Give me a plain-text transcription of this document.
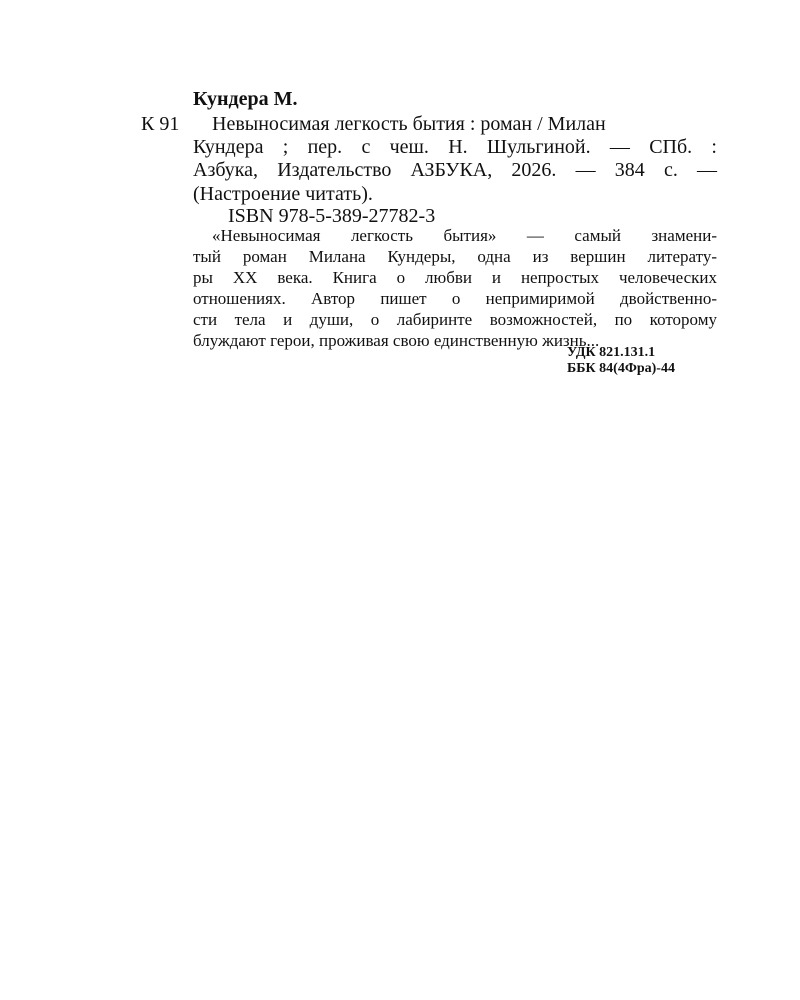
Кундера М.
К 91 Невыносимая легкость бытия : роман / Милан
Кундера ; пер. с чеш. Н. Шульгиной. — СПб. :
Азбука, Издательство АЗБУКА, 2026. — 384 с. —
(Настроение читать).
ISBN 978-5-389-27782-3
«Невыносимая легкость бытия» — самый знамени-
тый роман Милана Кундеры, одна из вершин литерату-
ры XX века. Книга о любви и непростых человеческих
отношениях. Автор пишет о непримиримой двойственно-
сти тела и души, о лабиринте возможностей, по которому
блуждают герои, проживая свою единственную жизнь...
УДК 821.131.1
ББК 84(4Фра)-44
